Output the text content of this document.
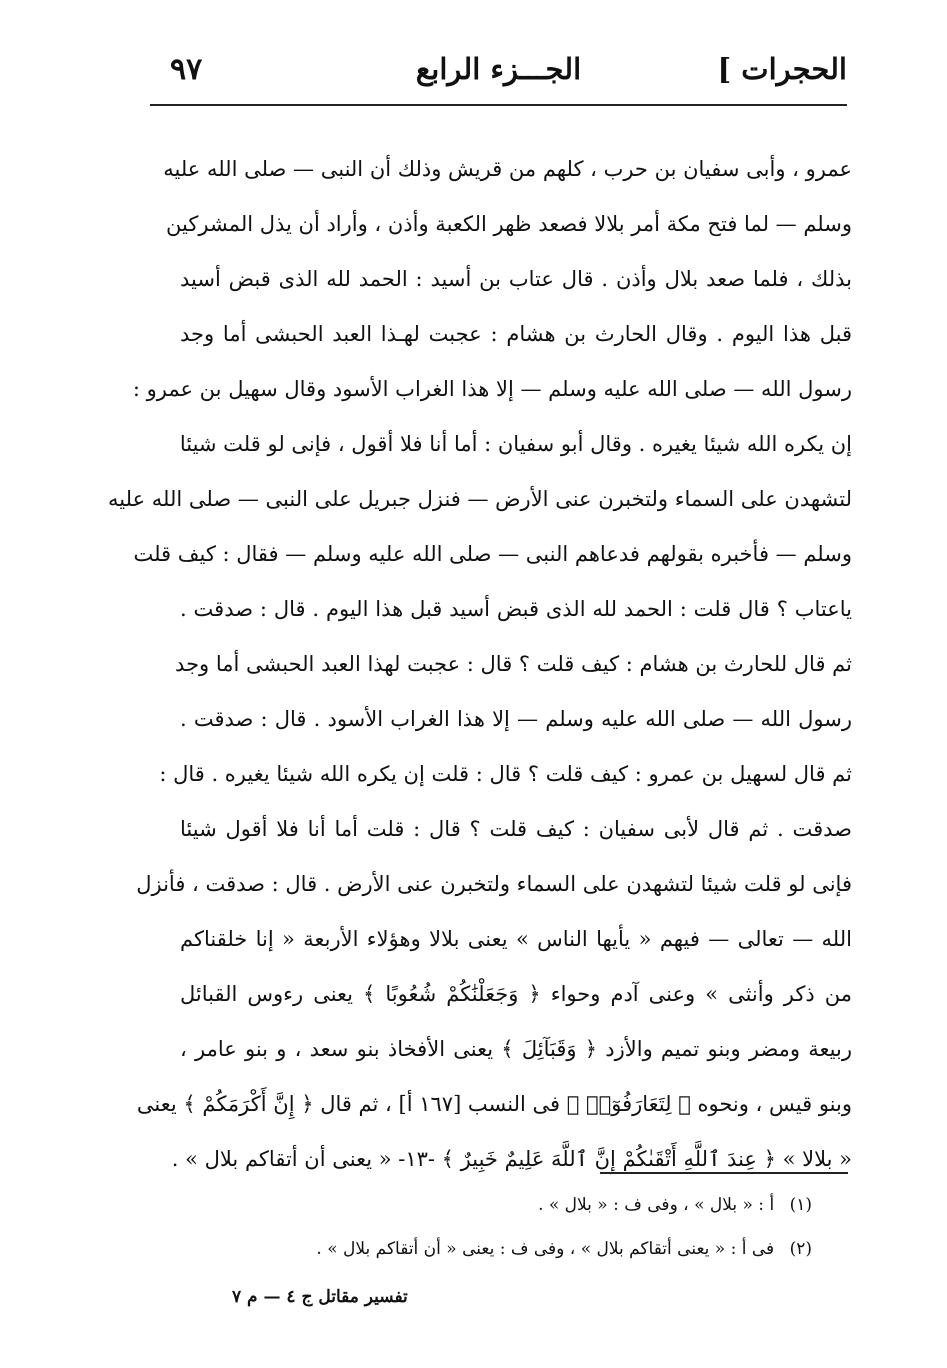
الحجرات ]
الجـــزء الرابع
٩٧
عمرو ، وأبى سفيان بن حرب ، كلهم من قريش وذلك أن النبى — صلى الله عليه
وسلم — لما فتح مكة أمر بلالا فصعد ظهر الكعبة وأذن ، وأراد أن يذل المشركين
بذلك ، فلما صعد بلال وأذن . قال عتاب بن أسيد : الحمد لله الذى قبض أسيد
قبل هذا اليوم . وقال الحارث بن هشام : عجبت لهـذا العبد الحبشى أما وجد
رسول الله — صلى الله عليه وسلم — إلا هذا الغراب الأسود وقال سهيل بن عمرو :
إن يكره الله شيئا يغيره . وقال أبو سفيان : أما أنا فلا أقول ، فإنى لو قلت شيئا
لتشهدن على السماء ولتخبرن عنى الأرض — فنزل جبريل على النبى — صلى الله عليه
وسلم — فأخبره بقولهم فدعاهم النبى — صلى الله عليه وسلم — فقال : كيف قلت
ياعتاب ؟ قال قلت : الحمد لله الذى قبض أسيد قبل هذا اليوم . قال : صدقت .
ثم قال للحارث بن هشام : كيف قلت ؟ قال : عجبت لهذا العبد الحبشى أما وجد
رسول الله — صلى الله عليه وسلم — إلا هذا الغراب الأسود . قال : صدقت .
ثم قال لسهيل بن عمرو : كيف قلت ؟ قال : قلت إن يكره الله شيئا يغيره . قال :
صدقت . ثم قال لأبى سفيان : كيف قلت ؟ قال : قلت أما أنا فلا أقول شيئا
فإنى لو قلت شيئا لتشهدن على السماء ولتخبرن عنى الأرض . قال : صدقت ، فأنزل
الله — تعالى — فيهم « يأيها الناس » يعنى بلالا وهؤلاء الأربعة « إنا خلقناكم
من ذكر وأنثى » وعنى آدم وحواء ﴿ وَجَعَلْنَٰكُمْ شُعُوبًا ﴾ يعنى رءوس القبائل
ربيعة ومضر وبنو تميم والأزد ﴿ وَقَبَآئِلَ ﴾ يعنى الأفخاذ بنو سعد ، و بنو عامر ،
وبنو قيس ، ونحوه ﴿ لِتَعَارَفُوٓا۟ ﴾ فى النسب [١٦٧ أ] ، ثم قال ﴿ إِنَّ أَكْرَمَكُمْ ﴾ يعنى
« بلالا » ﴿ عِندَ ٱللَّهِ أَتْقَىٰكُمْ إِنَّ ٱللَّهَ عَلِيمٌ خَبِيرٌ ﴾ -١٣- « يعنى أن أتقاكم بلال » .
(١) أ : « بلال » ، وفى ف : « بلال » .
(٢) فى أ : « يعنى أتقاكم بلال » ، وفى ف : يعنى « أن أتقاكم بلال » .
تفسير مقاتل ج ٤ — م ٧
